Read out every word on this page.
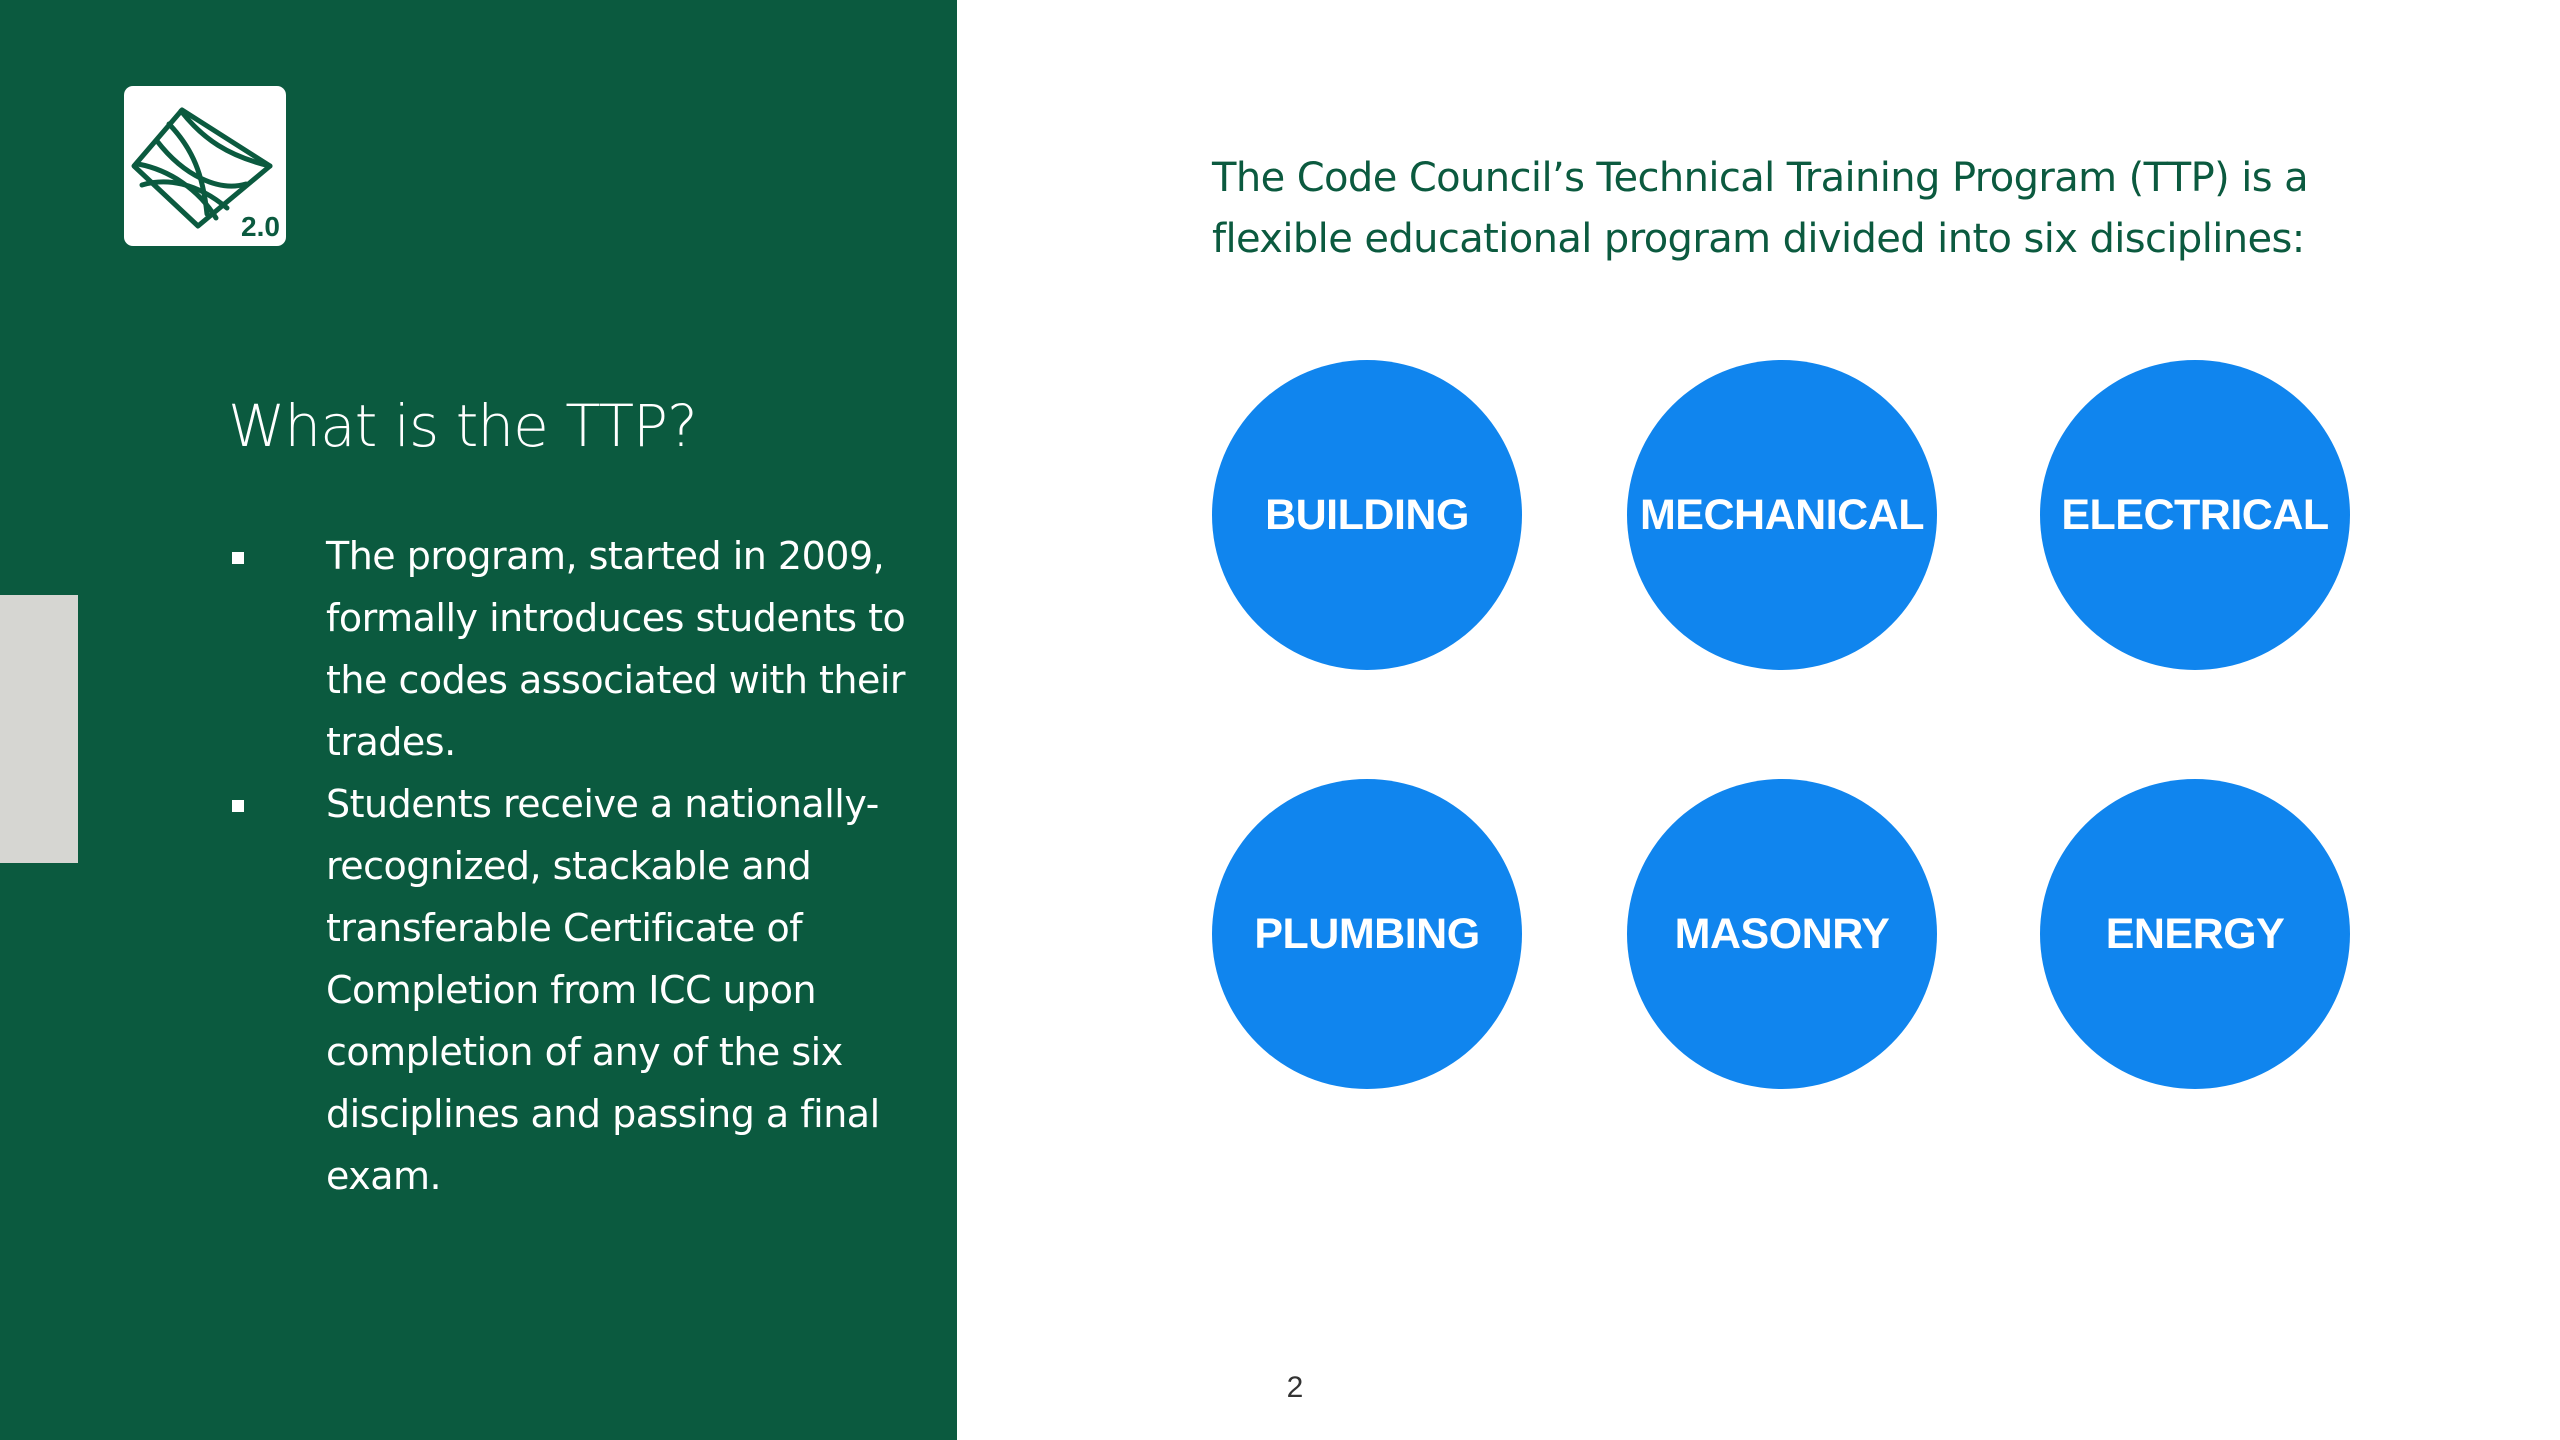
2.0
What is the TTP?
The program, started in 2009, formally introduces students to the codes associated with their trades.
Students receive a nationally-recognized, stackable and transferable Certificate of Completion from ICC upon completion of any of the six disciplines and passing a final exam.

The Code Council’s Technical Training Program (TTP) is a flexible educational program divided into six disciplines:

BUILDING	MECHANICAL	ELECTRICAL
PLUMBING	MASONRY	ENERGY
2
